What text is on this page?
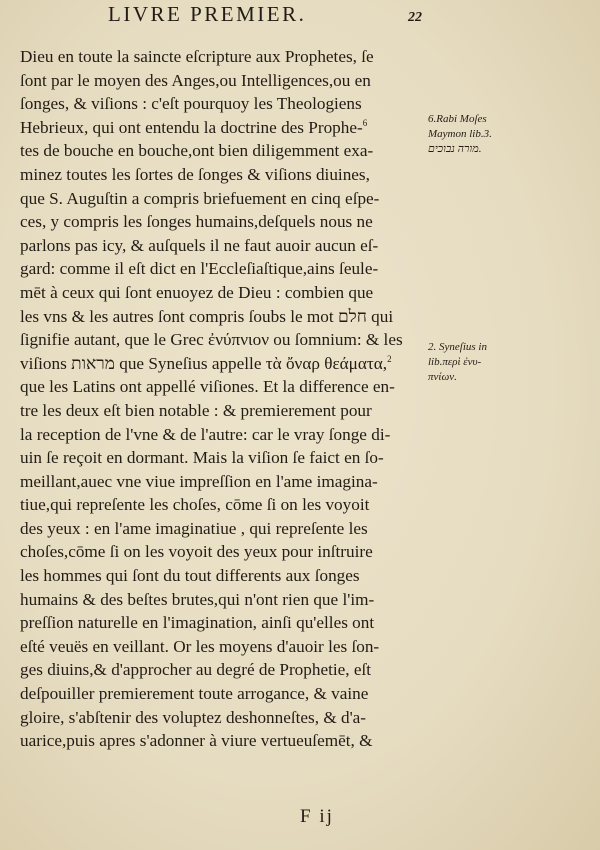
LIVRE PREMIER.	22
Dieu en toute la saincte eſcripture aux Prophetes, ſe
ſont par le moyen des Anges,ou Intelligences,ou en
ſonges, & viſions : c'eſt pourquoy les Theologiens
Hebrieux, qui ont entendu la doctrine des Prophe-$^6$
tes de bouche en bouche,ont bien diligemment exa-
minez toutes les ſortes de ſonges & viſions diuines,
que S. Auguſtin a compris briefuement en cinq eſpe-
ces, y compris les ſonges humains,deſquels nous ne
parlons pas icy, & auſquels il ne faut auoir aucun eſ-
gard: comme il eſt dict en l'Eccleſiaſtique,ains ſeule-
mēt à ceux qui ſont enuoyez de Dieu : combien que
les vns & les autres ſont compris ſoubs le mot חלם qui
ſignifie autant, que le Grec ἐνύπνιον ou ſomnium: & les
viſions מראות que Syneſius appelle τὰ ὄναρ θεάματα,$^2$
que les Latins ont appellé viſiones. Et la difference en-
tre les deux eſt bien notable : & premierement pour
la reception de l'vne & de l'autre: car le vray ſonge di-
uin ſe reçoit en dormant. Mais la viſion ſe faict en ſo-
meillant,auec vne viue impreſſion en l'ame imagina-
tiue,qui repreſente les choſes, cōme ſi on les voyoit
des yeux : en l'ame imaginatiue , qui repreſente les
choſes,cōme ſi on les voyoit des yeux pour inſtruire
les hommes qui ſont du tout differents aux ſonges
humains & des beſtes brutes,qui n'ont rien que l'im-
preſſion naturelle en l'imagination, ainſi qu'elles ont
eſté veuës en veillant. Or les moyens d'auoir les ſon-
ges diuins,& d'approcher au degré de Prophetie, eſt
deſpouiller premierement toute arrogance, & vaine
gloire, s'abſtenir des voluptez deshonneſtes, & d'a-
uarice,puis apres s'adonner à viure vertueuſemēt, &
6.Rabi Moſes
Maymon lib.3.
מורה נבוכים.
2. Syneſius in
lib.περὶ ἐνυ-
πνίων.
F ij
